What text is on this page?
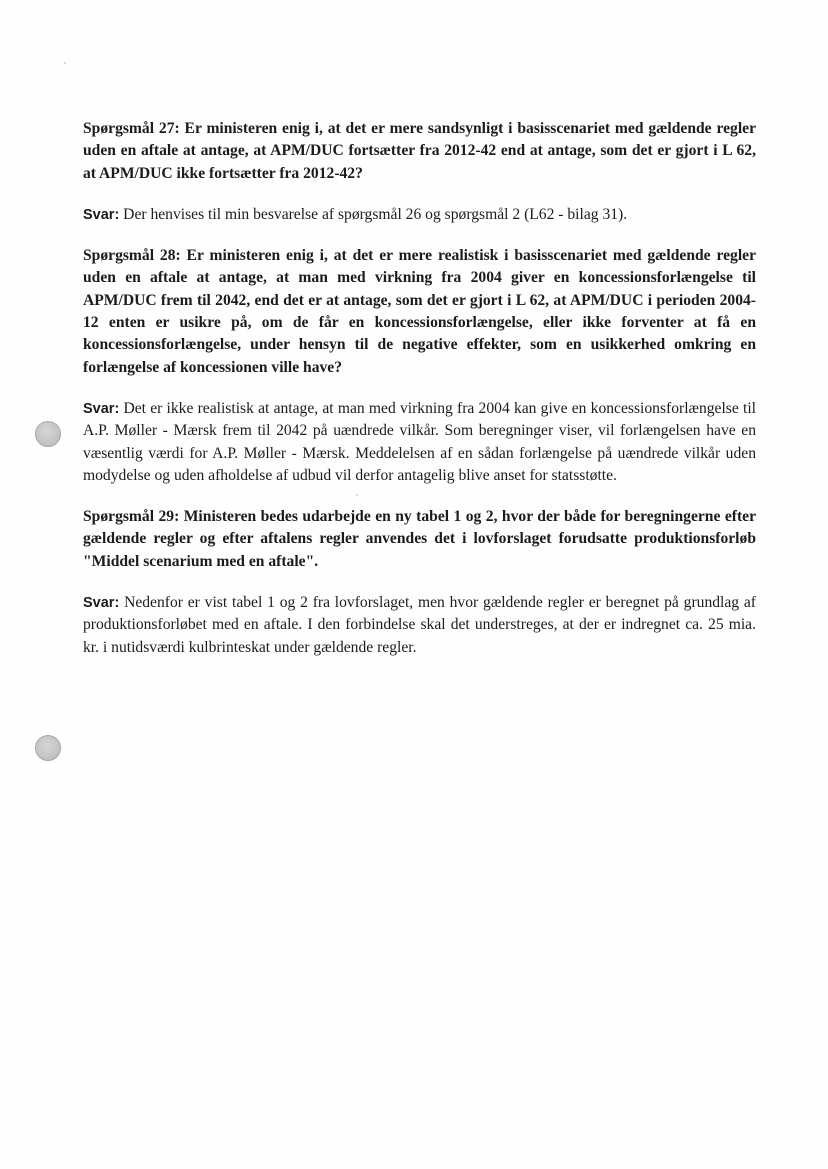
Spørgsmål 27: Er ministeren enig i, at det er mere sandsynligt i basisscenariet med gældende regler uden en aftale at antage, at APM/DUC fortsætter fra 2012-42 end at antage, som det er gjort i L 62, at APM/DUC ikke fortsætter fra 2012-42?

Svar: Der henvises til min besvarelse af spørgsmål 26 og spørgsmål 2 (L62 - bilag 31).

Spørgsmål 28: Er ministeren enig i, at det er mere realistisk i basisscenariet med gældende regler uden en aftale at antage, at man med virkning fra 2004 giver en koncessionsforlængelse til APM/DUC frem til 2042, end det er at antage, som det er gjort i L 62, at APM/DUC i perioden 2004-12 enten er usikre på, om de får en koncessionsforlængelse, eller ikke forventer at få en koncessionsforlængelse, under hensyn til de negative effekter, som en usikkerhed omkring en forlængelse af koncessionen ville have?

Svar: Det er ikke realistisk at antage, at man med virkning fra 2004 kan give en koncessionsforlængelse til A.P. Møller - Mærsk frem til 2042 på uændrede vilkår. Som beregninger viser, vil forlængelsen have en væsentlig værdi for A.P. Møller - Mærsk. Meddelelsen af en sådan forlængelse på uændrede vilkår uden modydelse og uden afholdelse af udbud vil derfor antagelig blive anset for statsstøtte.

Spørgsmål 29: Ministeren bedes udarbejde en ny tabel 1 og 2, hvor der både for beregningerne efter gældende regler og efter aftalens regler anvendes det i lovforslaget forudsatte produktionsforløb "Middel scenarium med en aftale".

Svar: Nedenfor er vist tabel 1 og 2 fra lovforslaget, men hvor gældende regler er beregnet på grundlag af produktionsforløbet med en aftale. I den forbindelse skal det understreges, at der er indregnet ca. 25 mia. kr. i nutidsværdi kulbrinteskat under gældende regler.
